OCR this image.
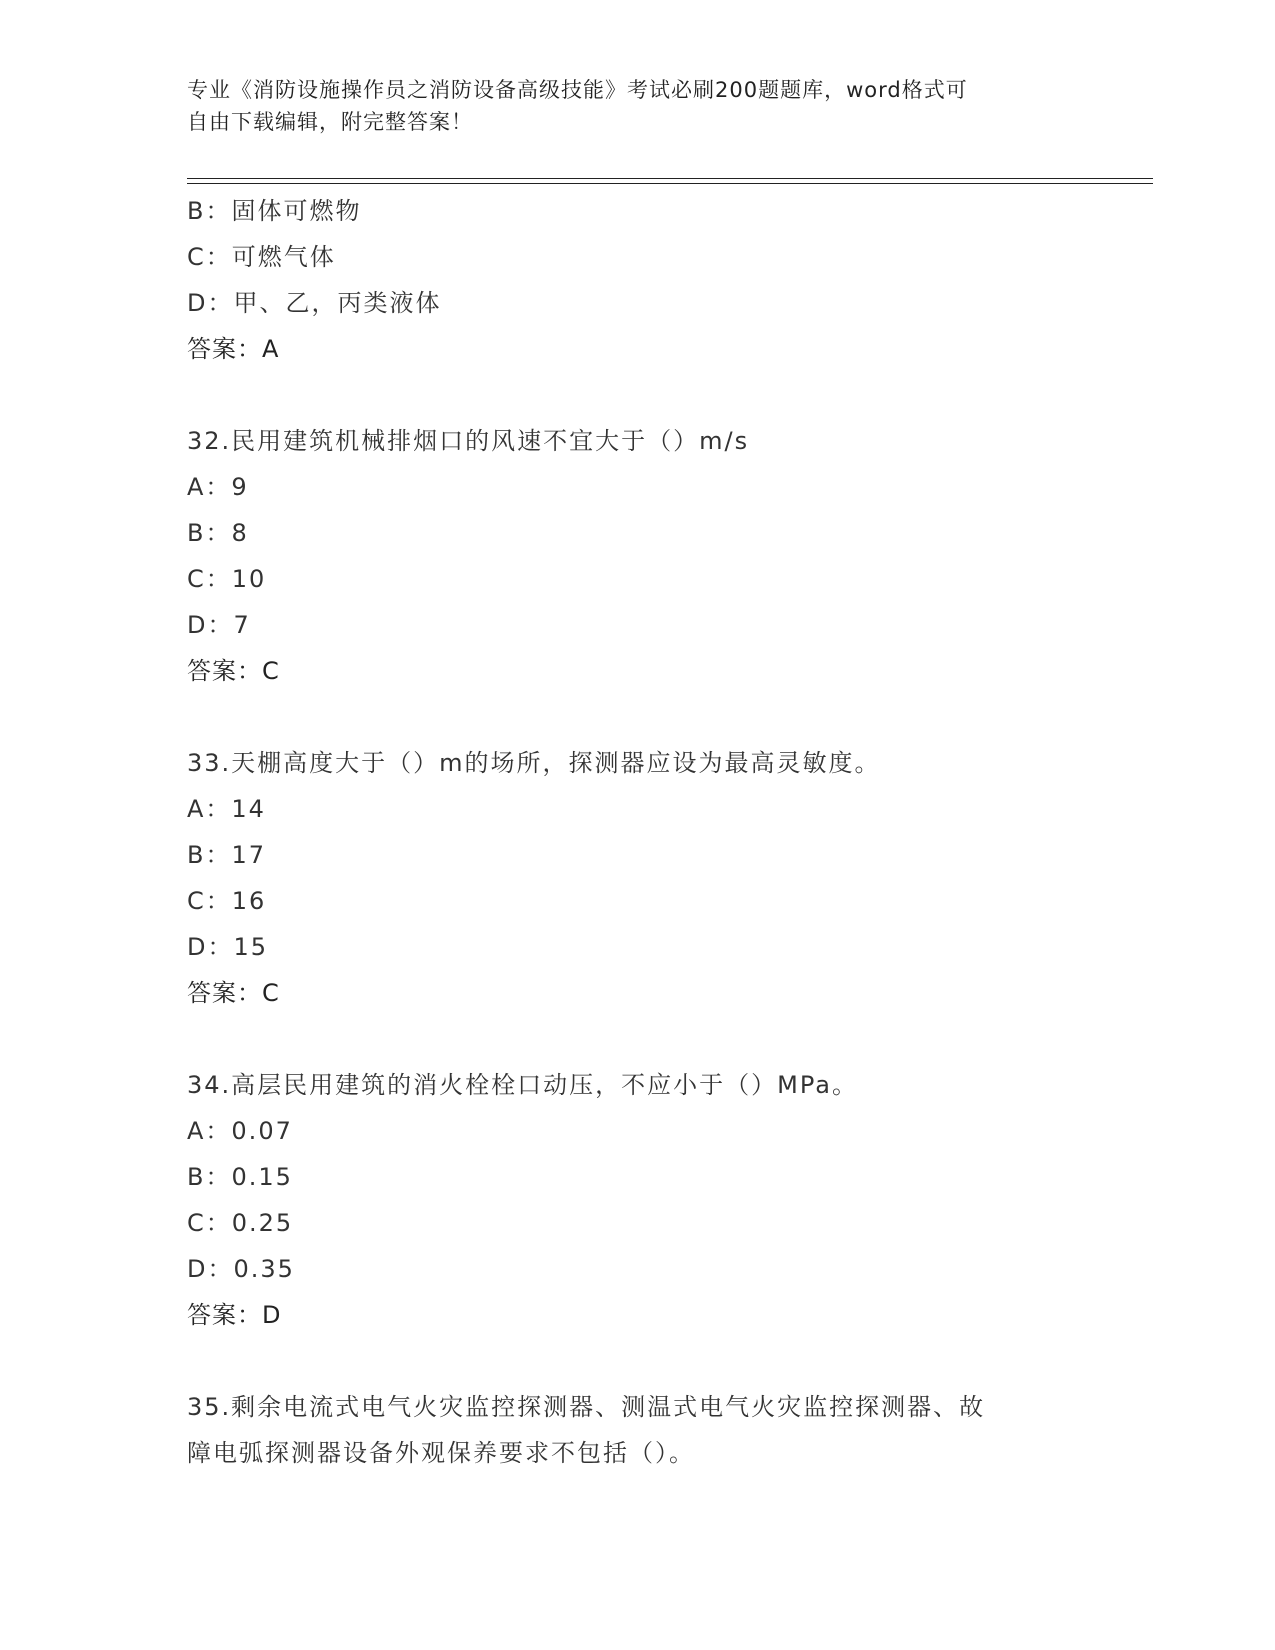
专业《消防设施操作员之消防设备高级技能》考试必刷200题题库，word格式可
自由下载编辑，附完整答案！
B：固体可燃物
C：可燃气体
D：甲、乙，丙类液体
答案：A
32.民用建筑机械排烟口的风速不宜大于（）m/s
A：9
B：8
C：10
D：7
答案：C
33.天棚高度大于（）m的场所，探测器应设为最高灵敏度。
A：14
B：17
C：16
D：15
答案：C
34.高层民用建筑的消火栓栓口动压，不应小于（）MPa。
A：0.07
B：0.15
C：0.25
D：0.35
答案：D
35.剩余电流式电气火灾监控探测器、测温式电气火灾监控探测器、故
障电弧探测器设备外观保养要求不包括（）。
